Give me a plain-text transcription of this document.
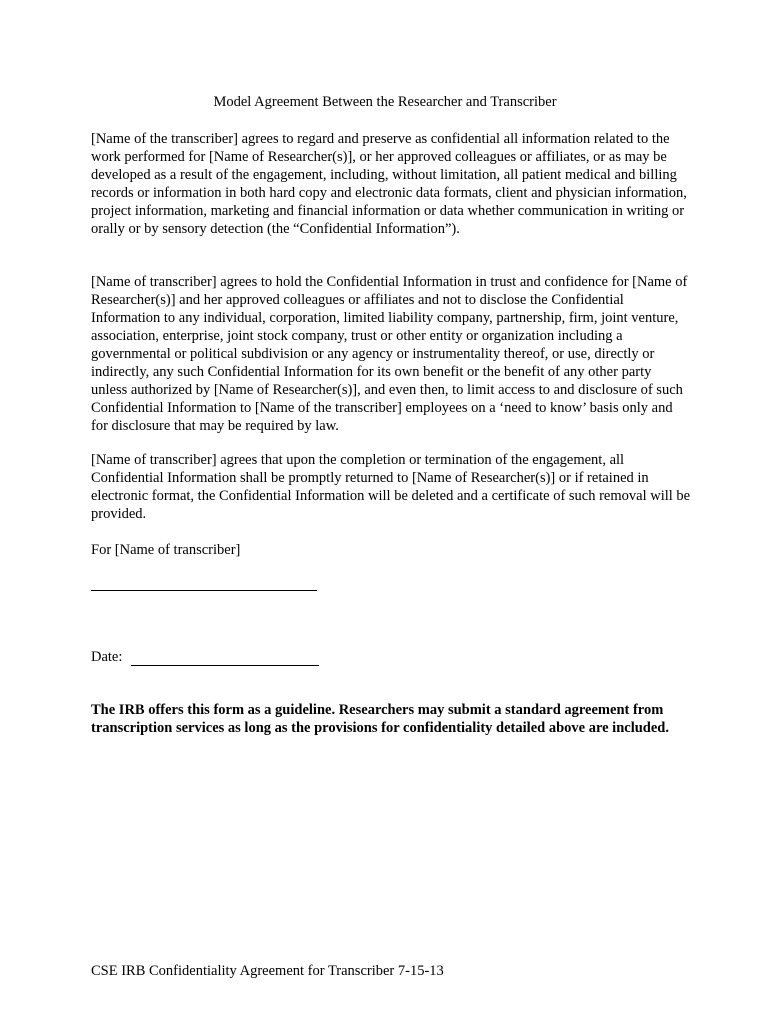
Model Agreement Between the Researcher and Transcriber

[Name of the transcriber] agrees to regard and preserve as confidential all information related to the work performed for [Name of Researcher(s)], or her approved colleagues or affiliates, or as may be developed as a result of the engagement, including, without limitation, all patient medical and billing records or information in both hard copy and electronic data formats, client and physician information, project information, marketing and financial information or data whether communication in writing or orally or by sensory detection (the “Confidential Information”).

[Name of transcriber] agrees to hold the Confidential Information in trust and confidence for [Name of Researcher(s)] and her approved colleagues or affiliates and not to disclose the Confidential Information to any individual, corporation, limited liability company, partnership, firm, joint venture, association, enterprise, joint stock company, trust or other entity or organization including a governmental or political subdivision or any agency or instrumentality thereof, or use, directly or indirectly, any such Confidential Information for its own benefit or the benefit of any other party unless authorized by [Name of Researcher(s)], and even then, to limit access to and disclosure of such Confidential Information to [Name of the transcriber] employees on a ‘need to know’ basis only and for disclosure that may be required by law.

[Name of transcriber] agrees that upon the completion or termination of the engagement, all Confidential Information shall be promptly returned to [Name of Researcher(s)] or if retained in electronic format, the Confidential Information will be deleted and a certificate of such removal will be provided.

For [Name of transcriber]
Date:

The IRB offers this form as a guideline. Researchers may submit a standard agreement from transcription services as long as the provisions for confidentiality detailed above are included.

CSE IRB Confidentiality Agreement for Transcriber 7-15-13
